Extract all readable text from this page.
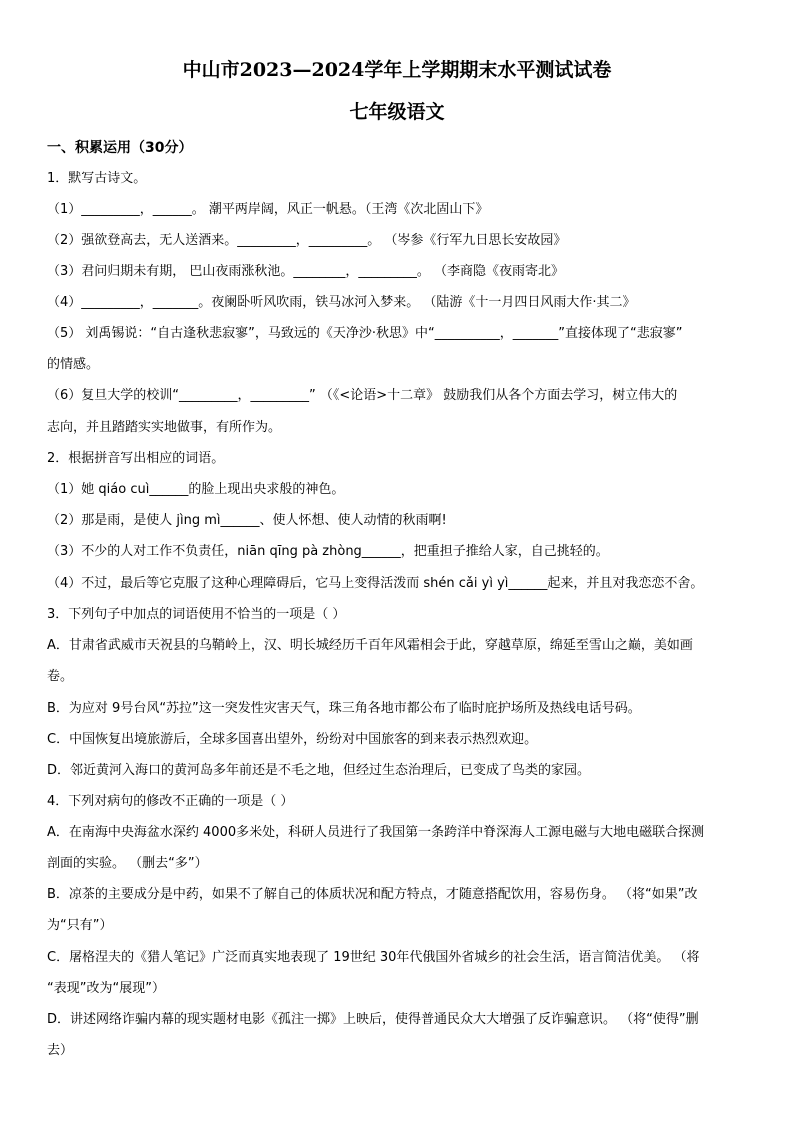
中山市2023—2024学年上学期期末水平测试试卷
七年级语文
一、积累运用（30分）
1．默写古诗文。
（1）_________，______。 潮平两岸阔，风正一帆悬。（王湾《次北固山下》
（2）强欲登高去，无人送酒来。_________，_________。 （岑参《行军九日思长安故园》
（3）君问归期未有期， 巴山夜雨涨秋池。________，_________。 （李商隐《夜雨寄北》
（4）_________，_______。夜阑卧听风吹雨，铁马冰河入梦来。 （陆游《十一月四日风雨大作·其二》
（5） 刘禹锡说：“自古逢秋悲寂寥”，马致远的《天净沙·秋思》中“__________，_______”直接体现了“悲寂寥”
的情感。
（6）复旦大学的校训“_________，_________” （《<论语>十二章》 鼓励我们从各个方面去学习，树立伟大的
志向，并且踏踏实实地做事，有所作为。
2．根据拼音写出相应的词语。
（1）她 qiáo cuì______的脸上现出央求般的神色。
（2）那是雨，是使人 jìng mì______、使人怀想、使人动情的秋雨啊!
（3）不少的人对工作不负责任，niān qīng pà zhòng______，把重担子推给人家，自己挑轻的。
（4）不过，最后等它克服了这种心理障碍后，它马上变得活泼而 shén cǎi yì yì______起来，并且对我恋恋不舍。
3．下列句子中加点的词语使用不恰当的一项是（ ）
A．甘肃省武威市天祝县的乌鞘岭上，汉、明长城经历千百年风霜相会于此，穿越草原，绵延至雪山之巅，美如画
卷。
B．为应对 9号台风“苏拉”这一突发性灾害天气，珠三角各地市都公布了临时庇护场所及热线电话号码。
C．中国恢复出境旅游后，全球多国喜出望外，纷纷对中国旅客的到来表示热烈欢迎。
D．邻近黄河入海口的黄河岛多年前还是不毛之地，但经过生态治理后，已变成了鸟类的家园。
4．下列对病句的修改不正确的一项是（ ）
A．在南海中央海盆水深约 4000多米处，科研人员进行了我国第一条跨洋中脊深海人工源电磁与大地电磁联合探测
剖面的实验。 （删去“多”）
B．凉茶的主要成分是中药，如果不了解自己的体质状况和配方特点，才随意搭配饮用，容易伤身。 （将“如果”改
为“只有”）
C．屠格涅夫的《猎人笔记》广泛而真实地表现了 19世纪 30年代俄国外省城乡的社会生活，语言简洁优美。 （将
“表现”改为“展现”）
D．讲述网络诈骗内幕的现实题材电影《孤注一掷》上映后，使得普通民众大大增强了反诈骗意识。 （将“使得”删
去）
